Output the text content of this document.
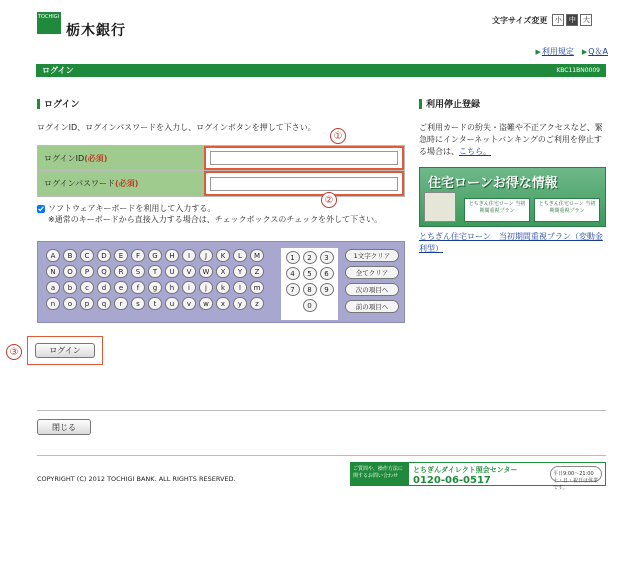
TOCHIGI
栃木銀行
文字サイズ変更	小	中	大
▶利用規定 ▶Q＆A
ログイン	KBC11BN0009
ログイン
ログインID、ログインパスワードを入力し、ログインボタンを押して下さい。
①
ログインID (必須)
ログインパスワード (必須)
②
ソフトウェアキーボードを利用して入力する。
※通常のキーボードから直接入力する場合は、チェックボックスのチェックを外して下さい。
A	B	C	D	E	F	G	H	I	J	K	L	M
N	O	P	Q	R	S	T	U	V	W	X	Y	Z
a	b	c	d	e	f	g	h	i	j	k	l	m
n	o	p	q	r	s	t	u	v	w	x	y	z
1	2	3
4	5	6
7	8	9
0
1文字クリア
全てクリア
次の項目へ
前の項目へ
③	ログイン
利用停止登録
ご利用カードの紛失・盗難や不正アクセスなど、緊急時にインターネットバンキングのご利用を停止する場合は、こちら。
住宅ローンお得な情報
とちぎん住宅ローン 当初期間重視プラン
とちぎん住宅ローン 当初期間重視プラン
とちぎん住宅ローン　当初期間重視プラン（変動金利型）
閉じる
COPYRIGHT (C) 2012 TOCHIGI BANK. ALL RIGHTS RESERVED.
ご質問や、操作方法に関するお問い合わせ
とちぎんダイレクト照会センター
0120-06-0517
平日9:00〜21:00 土・日・祝日は休業です。
